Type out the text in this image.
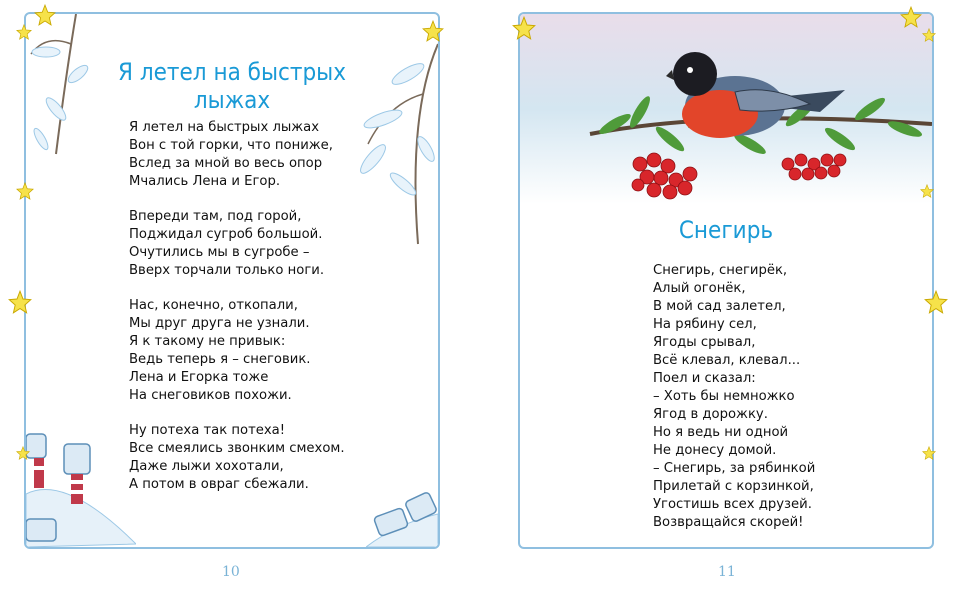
Я летел на быстрых
лыжах
Я летел на быстрых лыжах
Вон с той горки, что пониже,
Вслед за мной во весь опор
Мчались Лена и Егор.
Впереди там, под горой,
Поджидал сугроб большой.
Очутились мы в сугробе –
Вверх торчали только ноги.
Нас, конечно, откопали,
Мы друг друга не узнали.
Я к такому не привык:
Ведь теперь я – снеговик.
Лена и Егорка тоже
На снеговиков похожи.
Ну потеха так потеха!
Все смеялись звонким смехом.
Даже лыжи хохотали,
А потом в овраг сбежали.
Снегирь
Снегирь, снегирёк,
Алый огонёк,
В мой сад залетел,
На рябину сел,
Ягоды срывал,
Всё клевал, клевал...
Поел и сказал:
– Хоть бы немножко
Ягод в дорожку.
Но я ведь ни одной
Не донесу домой.
– Снегирь, за рябинкой
Прилетай с корзинкой,
Угостишь всех друзей.
Возвращайся скорей!
10	11
